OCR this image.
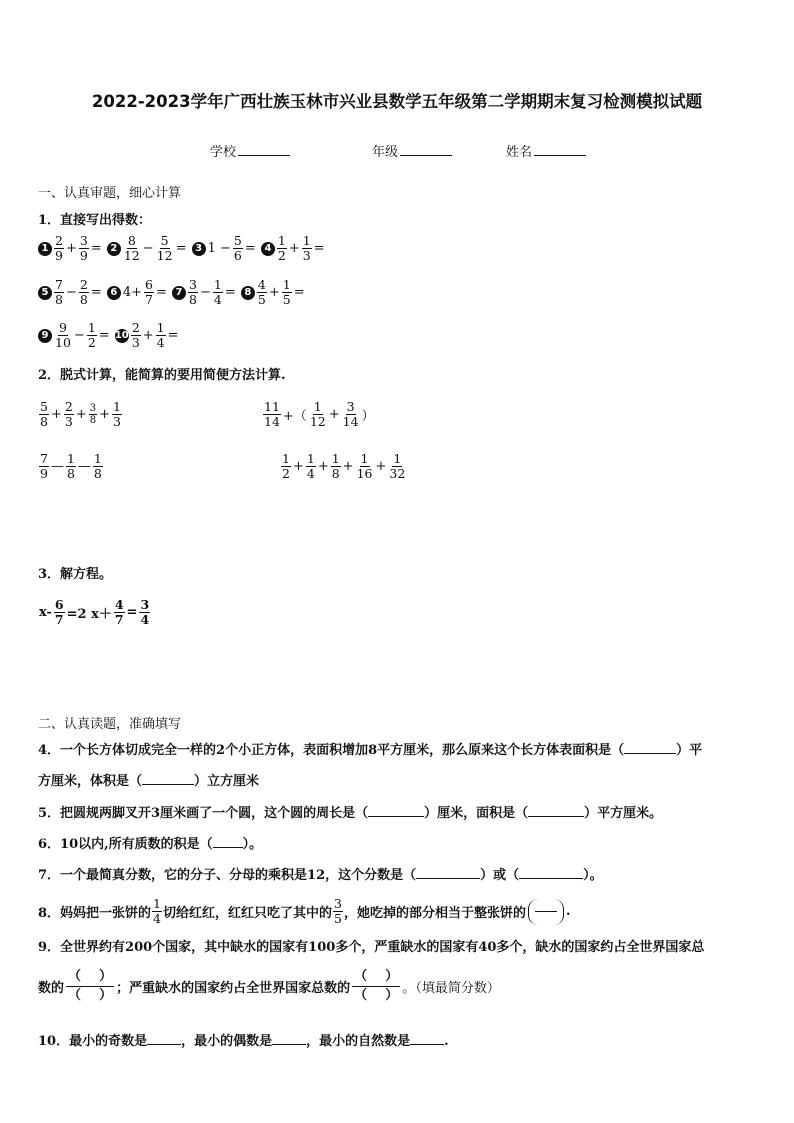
2022-2023学年广西壮族玉林市兴业县数学五年级第二学期期末复习检测模拟试题
学校	年级	姓名
一、认真审题，细心计算
1．直接写出得数：
$1 \frac{2}{9} + \frac{3}{9} = 2 \frac{8}{12} - \frac{5}{12} = 3$ $1 - \frac{5}{6} = 4 \frac{1}{2} + \frac{1}{3}$ =
$5 \frac{7}{8} - \frac{2}{8} = 6$ $4+ \frac{6}{7} = 7 \frac{3}{8} - \frac{1}{4} = 8 \frac{4}{5} + \frac{1}{5}$ =
$9 \frac{9}{10} - \frac{1}{2} = 10 \frac{2}{3} + \frac{1}{4}$ =
2．脱式计算，能简算的要用简便方法计算.
$\frac{5}{8} + \frac{2}{3} + \frac{3}{8} + \frac{1}{3}$	$\frac{11}{14}$ +（ $\frac{1}{12} + \frac{3}{14}$ ）
$\frac{7}{9}$ — $\frac{1}{8}$ — $\frac{1}{8}$	$\frac{1}{2} + \frac{1}{4} + \frac{1}{8} + \frac{1}{16} + \frac{1}{32}$
3．解方程。
$x- \frac{6}{7} =2$ $x+ \frac{4}{7} = \frac{3}{4}$
二、认真读题，准确填写
4．一个长方体切成完全一样的2个小正方体，表面积增加8平方厘米，那么原来这个长方体表面积是（	）平
方厘米，体积是（	）立方厘米
5．把圆规两脚叉开3厘米画了一个圆，这个圆的周长是（	）厘米，面积是（	）平方厘米。
6．10以内,所有质数的积是（ ）。
7．一个最简真分数，它的分子、分母的乘积是12，这个分数是（	）或（	）。
8．妈妈把一张饼的 $\frac{1}{4}$ 切给红红，红红只吃了其中的 $\frac{3}{5}$ ，她吃掉的部分相当于整张饼的	.
9．全世界约有200个国家，其中缺水的国家有100多个，严重缺水的国家有40多个，缺水的国家约占全世界国家总
数的 $\frac{( )}{( )}$ ；严重缺水的国家约占全世界国家总数的 $\frac{( )}{( )}$ 。（填最简分数）
10．最小的奇数是	，最小的偶数是	，最小的自然数是	.
